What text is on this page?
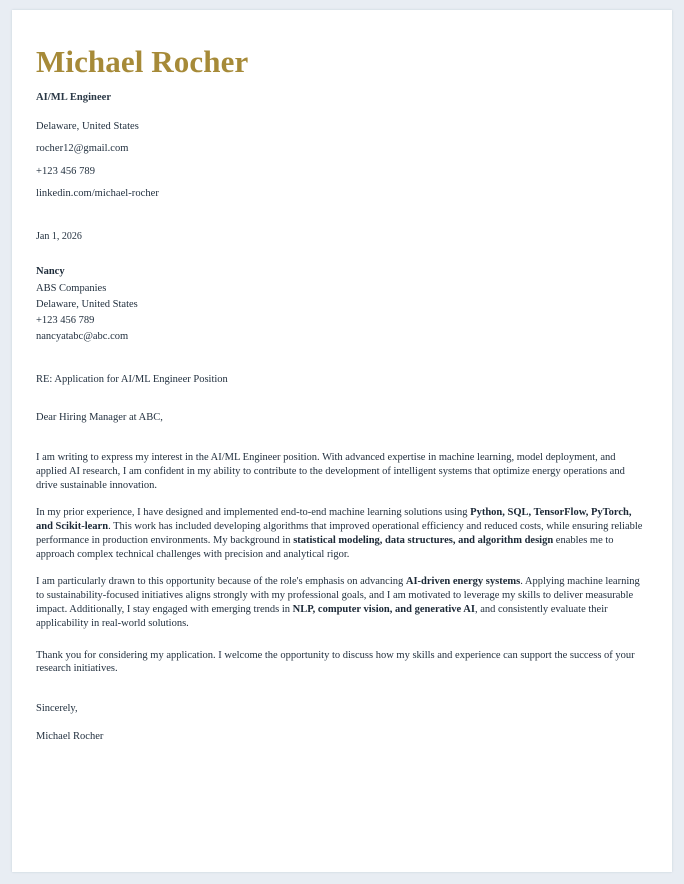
Michael Rocher
AI/ML Engineer
Delaware, United States
rocher12@gmail.com
+123 456 789
linkedin.com/michael-rocher
Jan 1, 2026
Nancy
ABS Companies
Delaware, United States
+123 456 789
nancyatabc@abc.com
RE: Application for AI/ML Engineer Position
Dear Hiring Manager at ABC,

I am writing to express my interest in the AI/ML Engineer position. With advanced expertise in machine learning, model deployment, and applied AI research, I am confident in my ability to contribute to the development of intelligent systems that optimize energy operations and drive sustainable innovation.

In my prior experience, I have designed and implemented end-to-end machine learning solutions using Python, SQL, TensorFlow, PyTorch, and Scikit-learn. This work has included developing algorithms that improved operational efficiency and reduced costs, while ensuring reliable performance in production environments. My background in statistical modeling, data structures, and algorithm design enables me to approach complex technical challenges with precision and analytical rigor.

I am particularly drawn to this opportunity because of the role's emphasis on advancing AI-driven energy systems. Applying machine learning to sustainability-focused initiatives aligns strongly with my professional goals, and I am motivated to leverage my skills to deliver measurable impact. Additionally, I stay engaged with emerging trends in NLP, computer vision, and generative AI, and consistently evaluate their applicability in real-world solutions.

Thank you for considering my application. I welcome the opportunity to discuss how my skills and experience can support the success of your research initiatives.

Sincerely,
Michael Rocher
